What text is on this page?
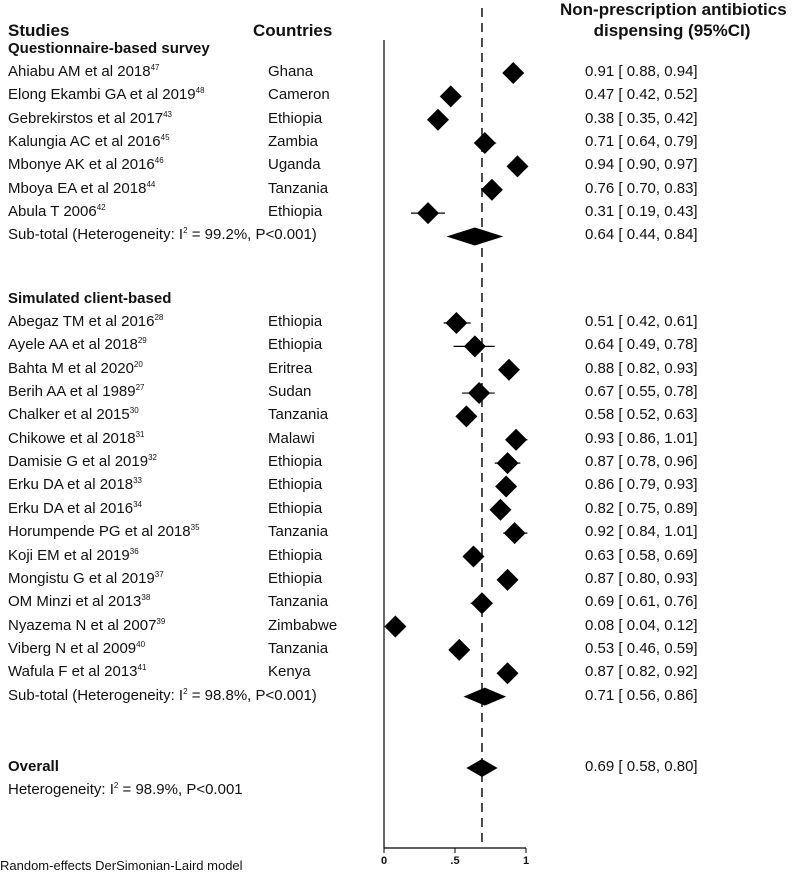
0	.5	1
Questionnaire-based survey
Ahiabu AM et al 2018$^{47}$	Ghana	0.91 [ 0.88, 0.94]
Elong Ekambi GA et al 2019$^{48}$	Cameron	0.47 [ 0.42, 0.52]
Gebrekirstos et al 2017$^{43}$	Ethiopia	0.38 [ 0.35, 0.42]
Kalungia AC et al 2016$^{45}$	Zambia	0.71 [ 0.64, 0.79]
Mbonye AK et al 2016$^{46}$	Uganda	0.94 [ 0.90, 0.97]
Mboya EA et al 2018$^{44}$	Tanzania	0.76 [ 0.70, 0.83]
Abula T 2006$^{42}$	Ethiopia	0.31 [ 0.19, 0.43]
Sub-total (Heterogeneity: $I^2 = 99.2\%$, P<0.001)	0.64 [ 0.44, 0.84]
Simulated client-based
Abegaz TM et al 2016$^{28}$	Ethiopia	0.51 [ 0.42, 0.61]
Ayele AA et al 2018$^{29}$	Ethiopia	0.64 [ 0.49, 0.78]
Bahta M et al 2020$^{20}$	Eritrea	0.88 [ 0.82, 0.93]
Berih AA et al 1989$^{27}$	Sudan	0.67 [ 0.55, 0.78]
Chalker et al 2015$^{30}$	Tanzania	0.58 [ 0.52, 0.63]
Chikowe et al 2018$^{31}$	Malawi	0.93 [ 0.86, 1.01]
Damisie G et al 2019$^{32}$	Ethiopia	0.87 [ 0.78, 0.96]
Erku DA et al 2018$^{33}$	Ethiopia	0.86 [ 0.79, 0.93]
Erku DA et al 2016$^{34}$	Ethiopia	0.82 [ 0.75, 0.89]
Horumpende PG et al 2018$^{35}$	Tanzania	0.92 [ 0.84, 1.01]
Koji EM et al 2019$^{36}$	Ethiopia	0.63 [ 0.58, 0.69]
Mongistu G et al 2019$^{37}$	Ethiopia	0.87 [ 0.80, 0.93]
OM Minzi et al 2013$^{38}$	Tanzania	0.69 [ 0.61, 0.76]
Nyazema N et al 2007$^{39}$	Zimbabwe	0.08 [ 0.04, 0.12]
Viberg N et al 2009$^{40}$	Tanzania	0.53 [ 0.46, 0.59]
Wafula F et al 2013$^{41}$	Kenya	0.87 [ 0.82, 0.92]
Sub-total (Heterogeneity: $I^2 = 98.8\%$, P<0.001)	0.71 [ 0.56, 0.86]
Overall	0.69 [ 0.58, 0.80]
Heterogeneity: $I^2 = 98.9\%$, P<0.001
Studies	Countries
Non-prescription antibiotics
dispensing (95%CI)
Random-effects DerSimonian-Laird model
